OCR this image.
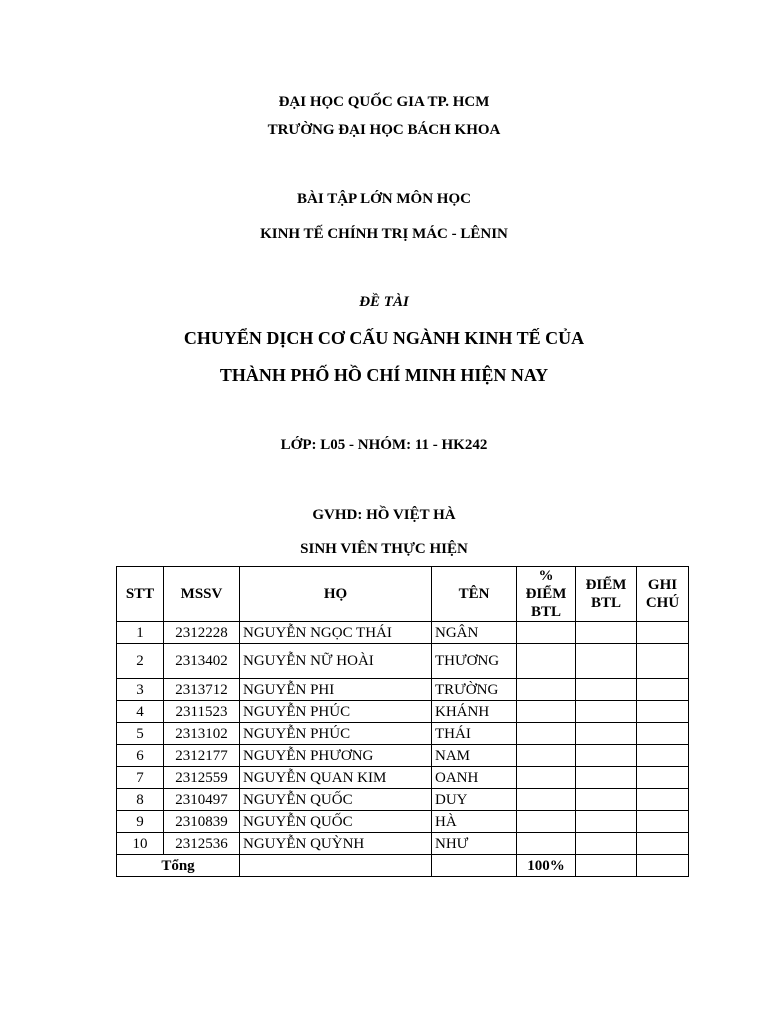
ĐẠI HỌC QUỐC GIA TP. HCM
TRƯỜNG ĐẠI HỌC BÁCH KHOA
BÀI TẬP LỚN MÔN HỌC
KINH TẾ CHÍNH TRỊ MÁC - LÊNIN
ĐỀ TÀI
CHUYỂN DỊCH CƠ CẤU NGÀNH KINH TẾ CỦA
THÀNH PHỐ HỒ CHÍ MINH HIỆN NAY
LỚP: L05 - NHÓM: 11 - HK242
GVHD: HỒ VIỆT HÀ
SINH VIÊN THỰC HIỆN
STT	MSSV	HỌ	TÊN	% ĐIỂM BTL	ĐIỂM BTL	GHI CHÚ
1	2312228	NGUYỄN NGỌC THÁI	NGÂN			
2	2313402	NGUYỄN NỮ HOÀI	THƯƠNG			
3	2313712	NGUYỄN PHI	TRƯỜNG			
4	2311523	NGUYỄN PHÚC	KHÁNH			
5	2313102	NGUYỄN PHÚC	THÁI			
6	2312177	NGUYỄN PHƯƠNG	NAM			
7	2312559	NGUYỄN QUAN KIM	OANH			
8	2310497	NGUYỄN QUỐC	DUY			
9	2310839	NGUYỄN QUỐC	HÀ			
10	2312536	NGUYỄN QUỲNH	NHƯ			
Tổng				100%		
